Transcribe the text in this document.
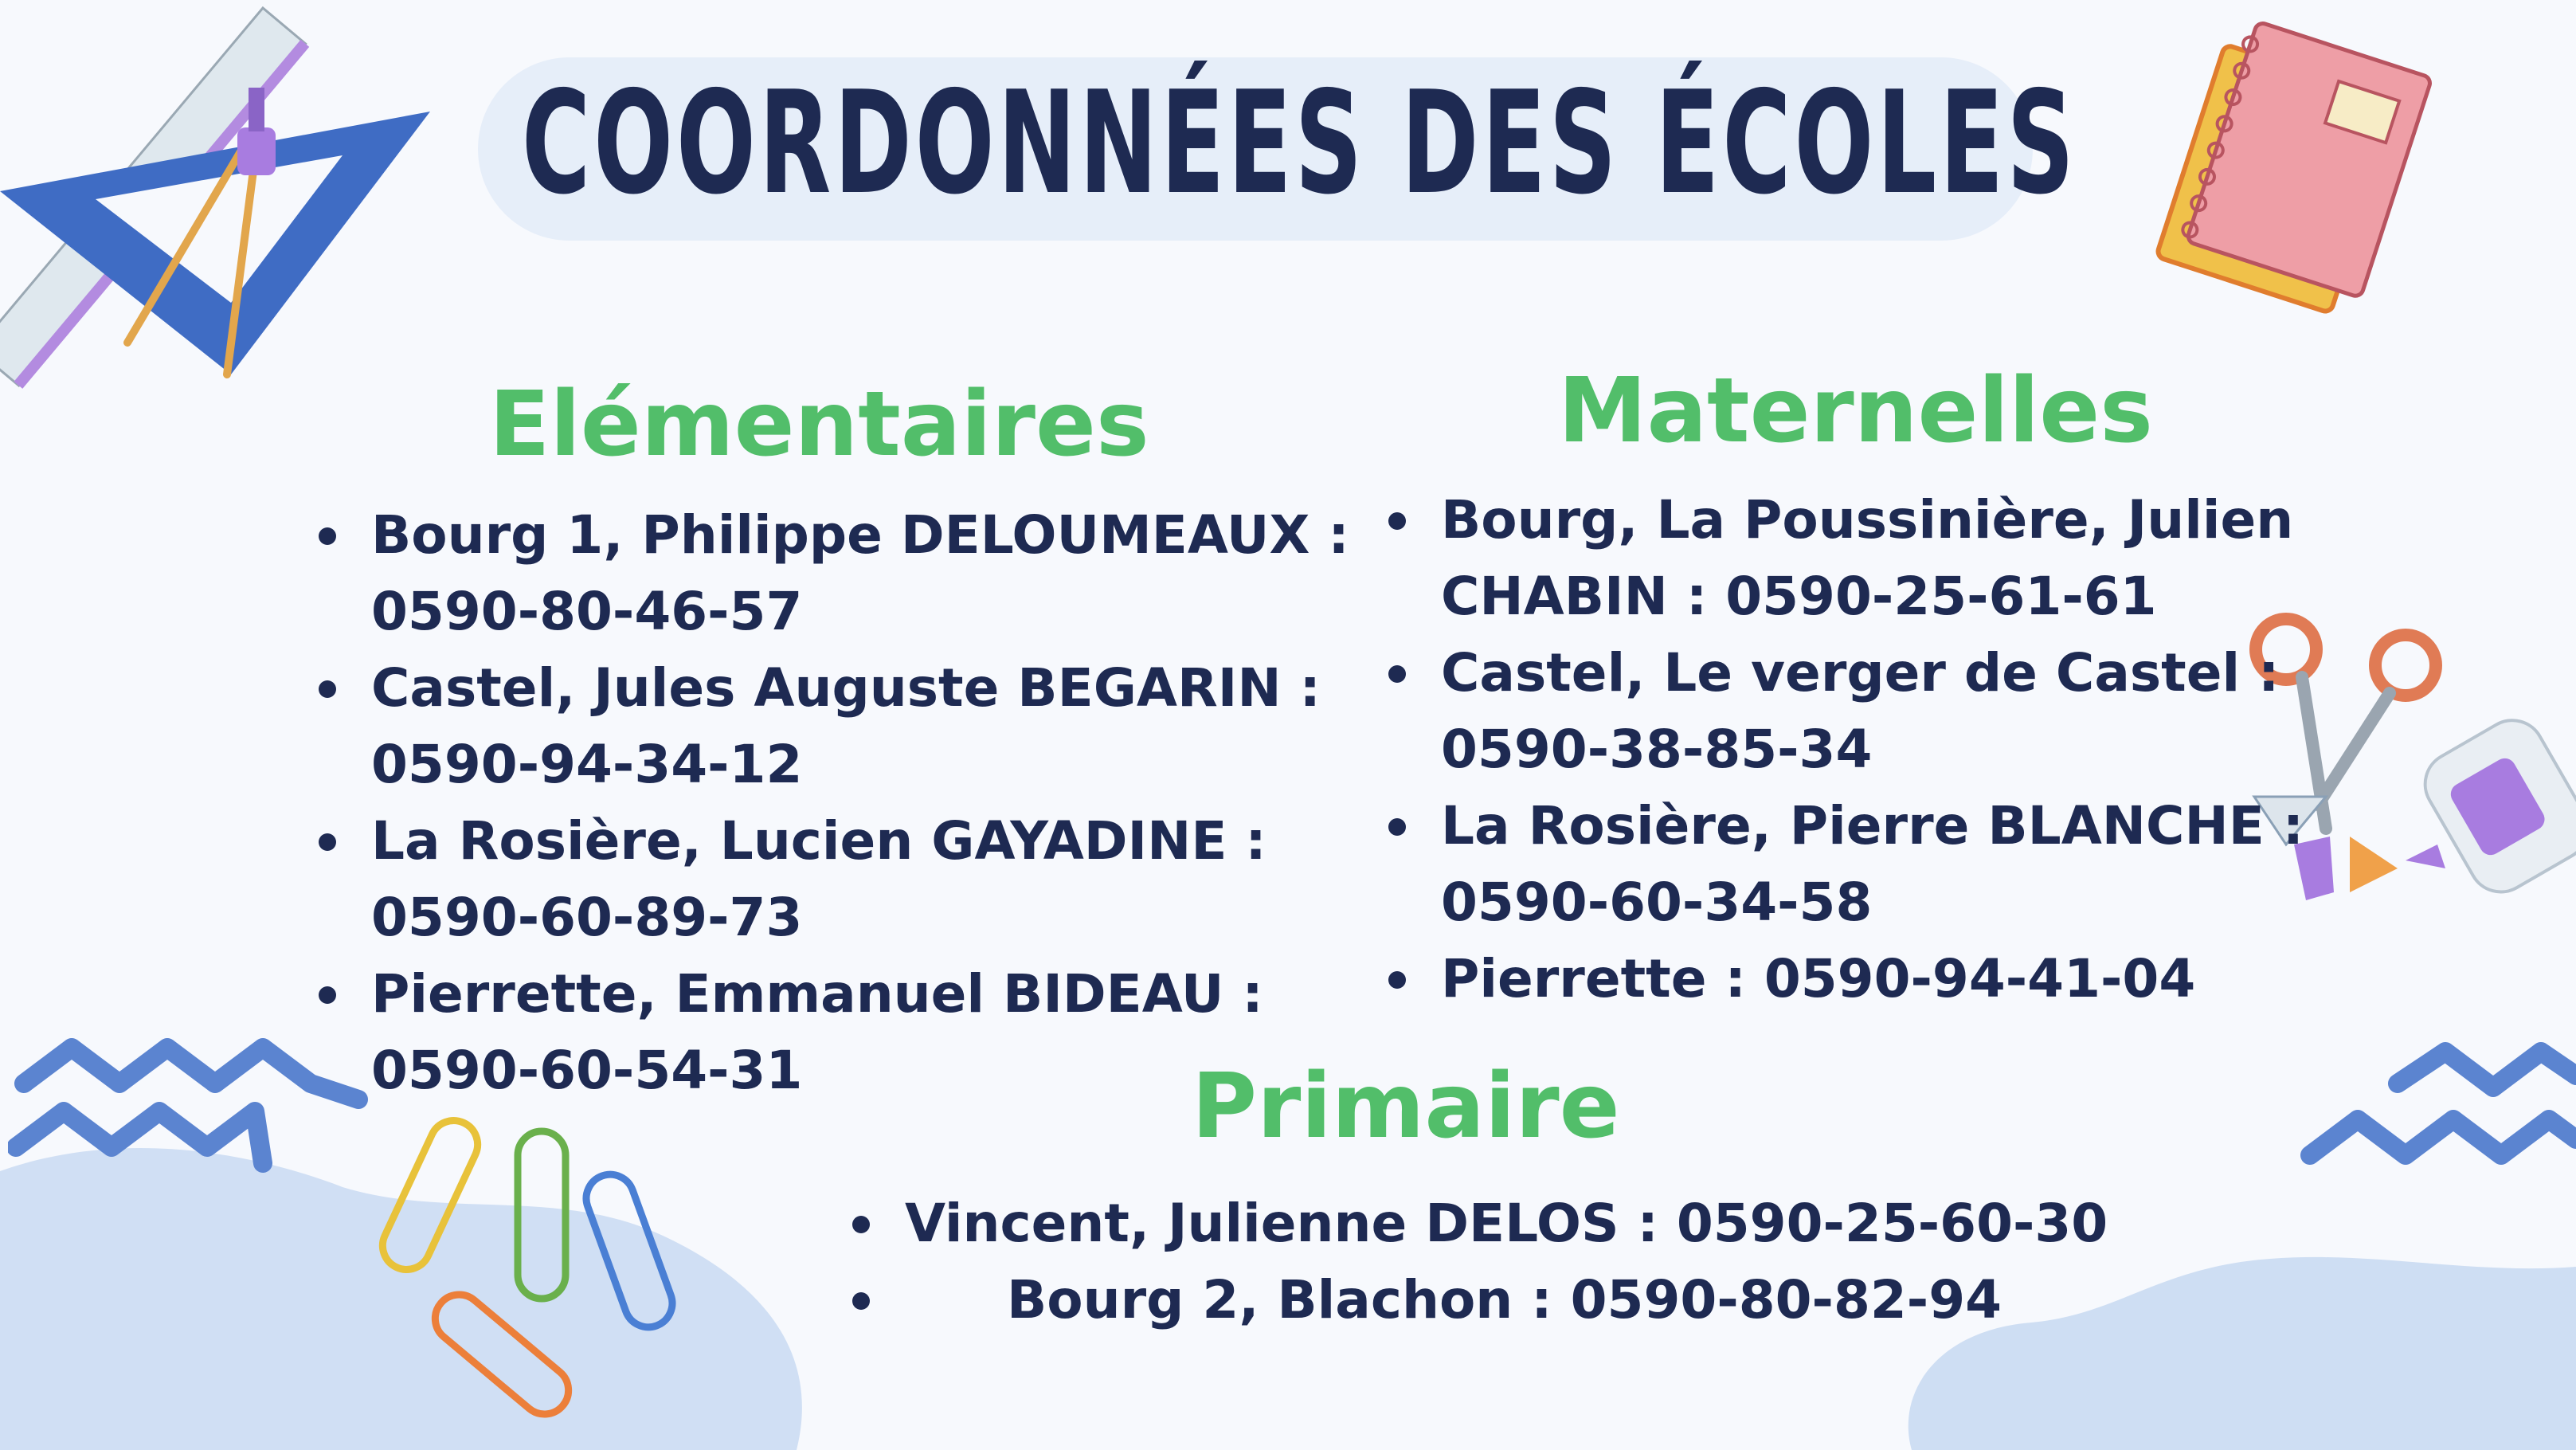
COORDONNÉES DES ÉCOLES
Elémentaires
Bourg 1, Philippe DELOUMEAUX :
0590-80-46-57
Castel, Jules Auguste BEGARIN :
0590-94-34-12
La Rosière, Lucien GAYADINE :
0590-60-89-73
Pierrette, Emmanuel BIDEAU :
0590-60-54-31
Maternelles
Bourg, La Poussinière, Julien
CHABIN : 0590-25-61-61
Castel, Le verger de Castel :
0590-38-85-34
La Rosière, Pierre BLANCHE :
0590-60-34-58
Pierrette : 0590-94-41-04
Primaire
Vincent, Julienne DELOS : 0590-25-60-30
Bourg 2, Blachon : 0590-80-82-94
